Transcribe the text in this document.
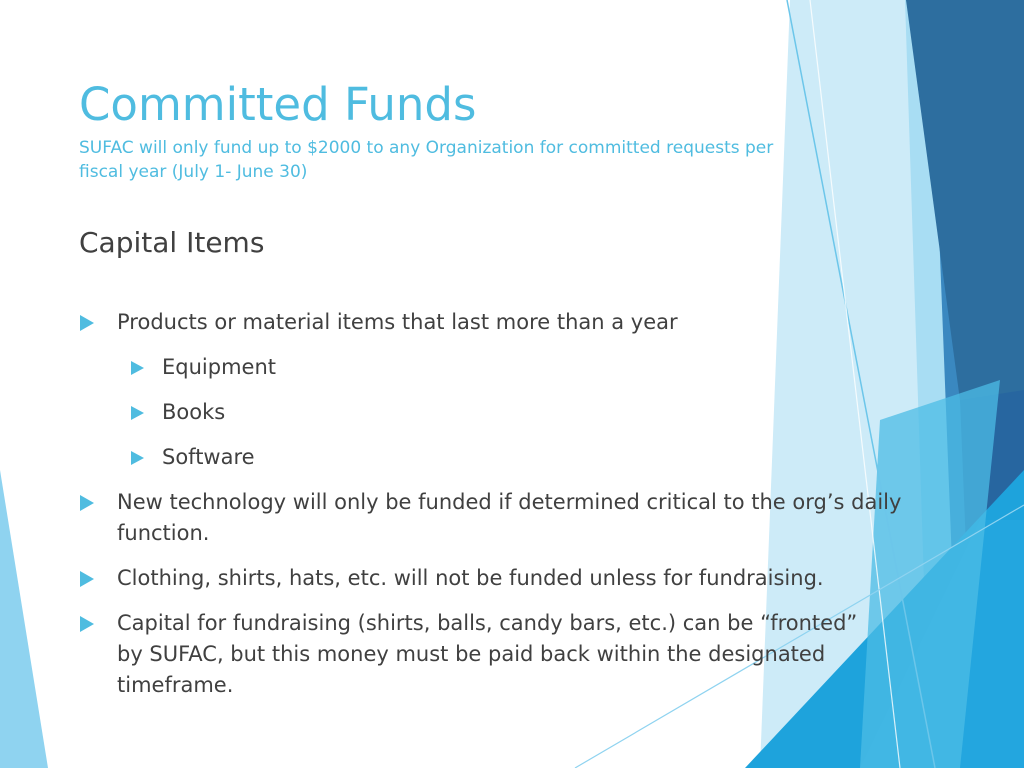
Committed Funds

SUFAC will only fund up to $2000 to any Organization for committed requests per fiscal year (July 1- June 30)

Capital Items
Products or material items that last more than a year
Equipment
Books
Software
New technology will only be funded if determined critical to the org’s daily function.
Clothing, shirts, hats, etc. will not be funded unless for fundraising.
Capital for fundraising (shirts, balls, candy bars, etc.) can be “fronted” by SUFAC, but this money must be paid back within the designated timeframe.
